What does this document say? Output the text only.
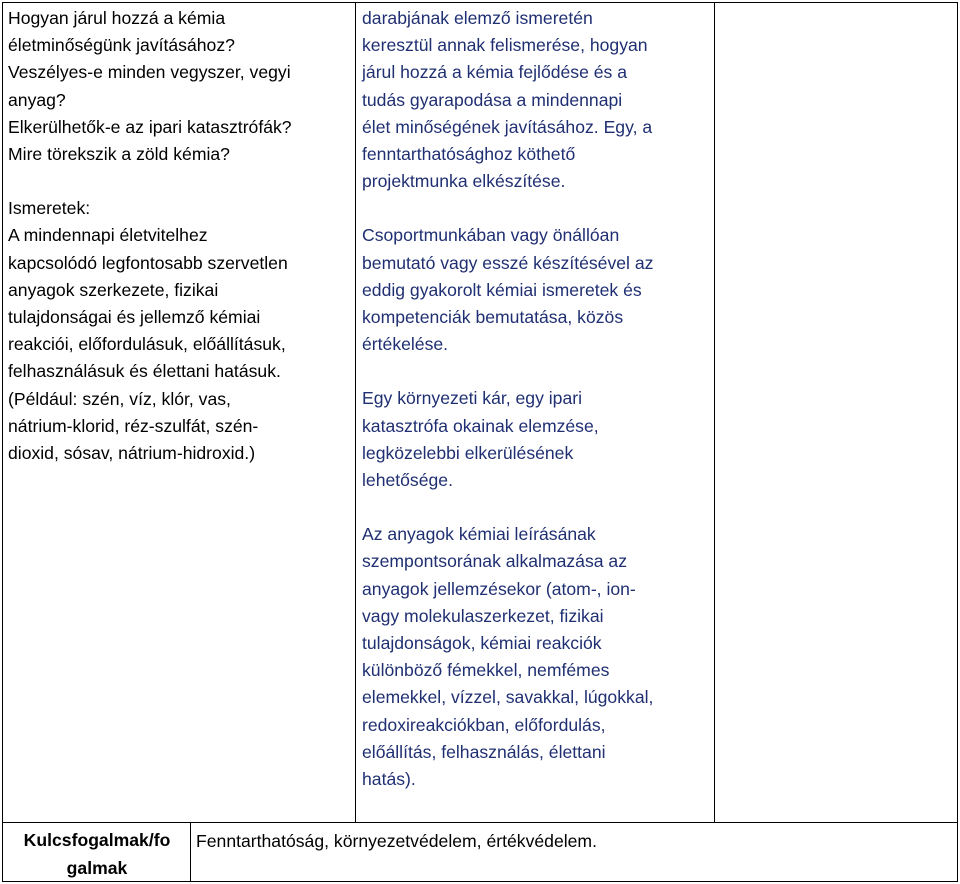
Hogyan járul hozzá a kémia

életminőségünk javításához?

Veszélyes-e minden vegyszer, vegyi

anyag?

Elkerülhetők-e az ipari katasztrófák?

Mire törekszik a zöld kémia?

Ismeretek:

A mindennapi életvitelhez

kapcsolódó legfontosabb szervetlen

anyagok szerkezete, fizikai

tulajdonságai és jellemző kémiai

reakciói, előfordulásuk, előállításuk,

felhasználásuk és élettani hatásuk.

(Például: szén, víz, klór, vas,

nátrium-klorid, réz-szulfát, szén-

dioxid, sósav, nátrium-hidroxid.)

darabjának elemző ismeretén

keresztül annak felismerése, hogyan

járul hozzá a kémia fejlődése és a

tudás gyarapodása a mindennapi

élet minőségének javításához. Egy, a

fenntarthatósághoz köthető

projektmunka elkészítése.

Csoportmunkában vagy önállóan

bemutató vagy esszé készítésével az

eddig gyakorolt kémiai ismeretek és

kompetenciák bemutatása, közös

értékelése.

Egy környezeti kár, egy ipari

katasztrófa okainak elemzése,

legközelebbi elkerülésének

lehetősége.

Az anyagok kémiai leírásának

szempontsorának alkalmazása az

anyagok jellemzésekor (atom-, ion-

vagy molekulaszerkezet, fizikai

tulajdonságok, kémiai reakciók

különböző fémekkel, nemfémes

elemekkel, vízzel, savakkal, lúgokkal,

redoxireakciókban, előfordulás,

előállítás, felhasználás, élettani

hatás).

Kulcsfogalmak/fo

galmak

Fenntarthatóság, környezetvédelem, értékvédelem.
